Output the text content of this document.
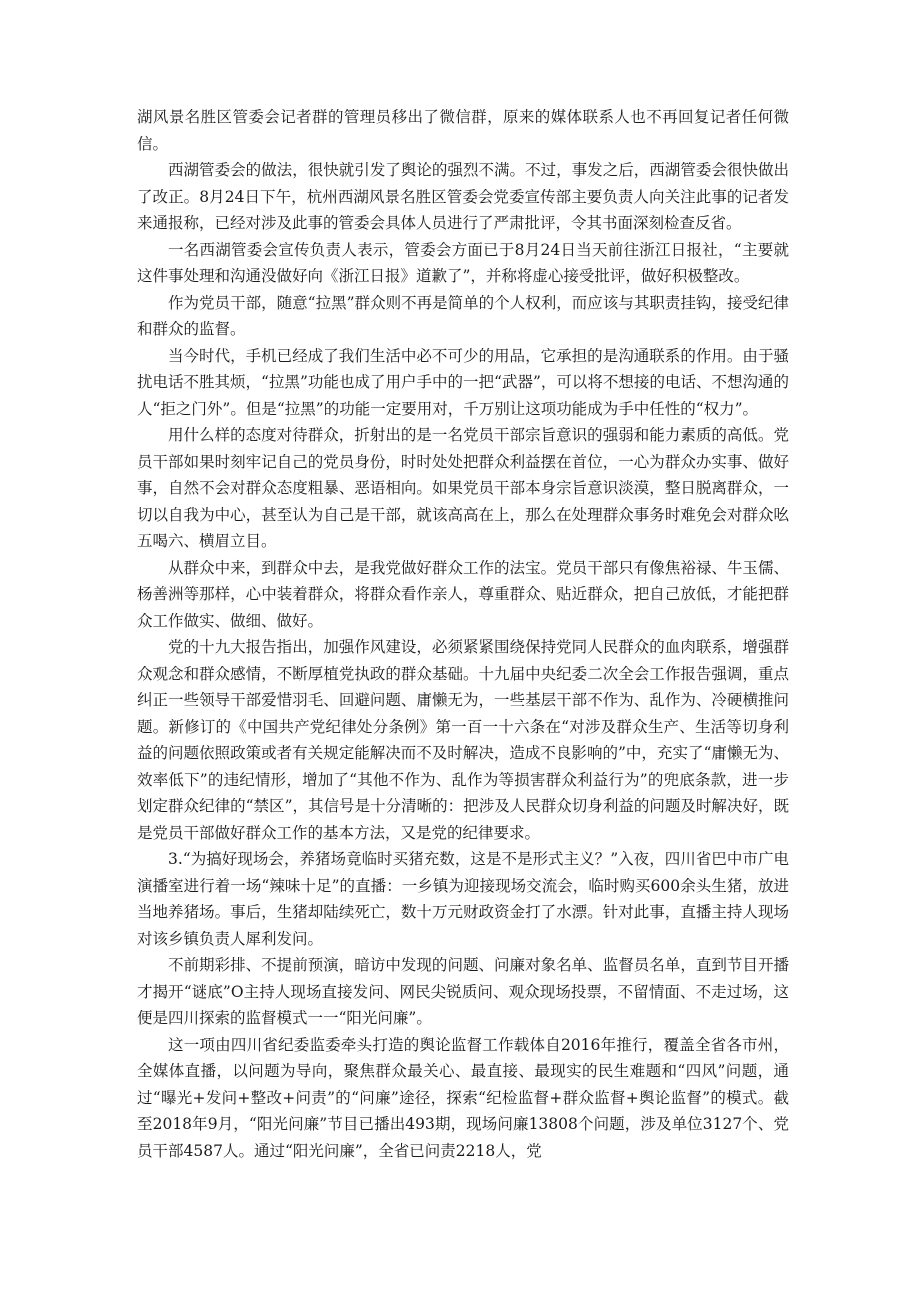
湖风景名胜区管委会记者群的管理员移出了微信群，原来的媒体联系人也不再回复记者任何微信。

西湖管委会的做法，很快就引发了舆论的强烈不满。不过，事发之后，西湖管委会很快做出了改正。8月24日下午，杭州西湖风景名胜区管委会党委宣传部主要负责人向关注此事的记者发来通报称，已经对涉及此事的管委会具体人员进行了严肃批评，令其书面深刻检查反省。

一名西湖管委会宣传负责人表示，管委会方面已于8月24日当天前往浙江日报社，“主要就这件事处理和沟通没做好向《浙江日报》道歉了”，并称将虚心接受批评，做好积极整改。

作为党员干部，随意“拉黑”群众则不再是简单的个人权利，而应该与其职责挂钩，接受纪律和群众的监督。

当今时代，手机已经成了我们生活中必不可少的用品，它承担的是沟通联系的作用。由于骚扰电话不胜其烦，“拉黑”功能也成了用户手中的一把“武器”，可以将不想接的电话、不想沟通的人“拒之门外”。但是“拉黑”的功能一定要用对，千万别让这项功能成为手中任性的“权力”。

用什么样的态度对待群众，折射出的是一名党员干部宗旨意识的强弱和能力素质的高低。党员干部如果时刻牢记自己的党员身份，时时处处把群众利益摆在首位，一心为群众办实事、做好事，自然不会对群众态度粗暴、恶语相向。如果党员干部本身宗旨意识淡漠，整日脱离群众，一切以自我为中心，甚至认为自己是干部，就该高高在上，那么在处理群众事务时难免会对群众吆五喝六、横眉立目。

从群众中来，到群众中去，是我党做好群众工作的法宝。党员干部只有像焦裕禄、牛玉儒、杨善洲等那样，心中装着群众，将群众看作亲人，尊重群众、贴近群众，把自己放低，才能把群众工作做实、做细、做好。

党的十九大报告指出，加强作风建设，必须紧紧围绕保持党同人民群众的血肉联系，增强群众观念和群众感情，不断厚植党执政的群众基础。十九届中央纪委二次全会工作报告强调，重点纠正一些领导干部爱惜羽毛、回避问题、庸懒无为，一些基层干部不作为、乱作为、冷硬横推问题。新修订的《中国共产党纪律处分条例》第一百一十六条在“对涉及群众生产、生活等切身利益的问题依照政策或者有关规定能解决而不及时解决，造成不良影响的”中，充实了“庸懒无为、效率低下”的违纪情形，增加了“其他不作为、乱作为等损害群众利益行为”的兜底条款，进一步划定群众纪律的“禁区”，其信号是十分清晰的：把涉及人民群众切身利益的问题及时解决好，既是党员干部做好群众工作的基本方法，又是党的纪律要求。

3.“为搞好现场会，养猪场竟临时买猪充数，这是不是形式主义？”入夜，四川省巴中市广电演播室进行着一场“辣味十足”的直播：一乡镇为迎接现场交流会，临时购买600余头生猪，放进当地养猪场。事后，生猪却陆续死亡，数十万元财政资金打了水漂。针对此事，直播主持人现场对该乡镇负责人犀利发问。

不前期彩排、不提前预演，暗访中发现的问题、问廉对象名单、监督员名单，直到节目开播才揭开“谜底”O主持人现场直接发问、网民尖锐质问、观众现场投票，不留情面、不走过场，这便是四川探索的监督模式一一“阳光问廉”。

这一项由四川省纪委监委牵头打造的舆论监督工作载体自2016年推行，覆盖全省各市州，全媒体直播，以问题为导向，聚焦群众最关心、最直接、最现实的民生难题和“四风”问题，通过“曝光+发问+整改+问责”的“问廉”途径，探索“纪检监督+群众监督+舆论监督”的模式。截至2018年9月，“阳光问廉”节目已播出493期，现场问廉13808个问题，涉及单位3127个、党员干部4587人。通过“阳光问廉”，全省已问责2218人，党
